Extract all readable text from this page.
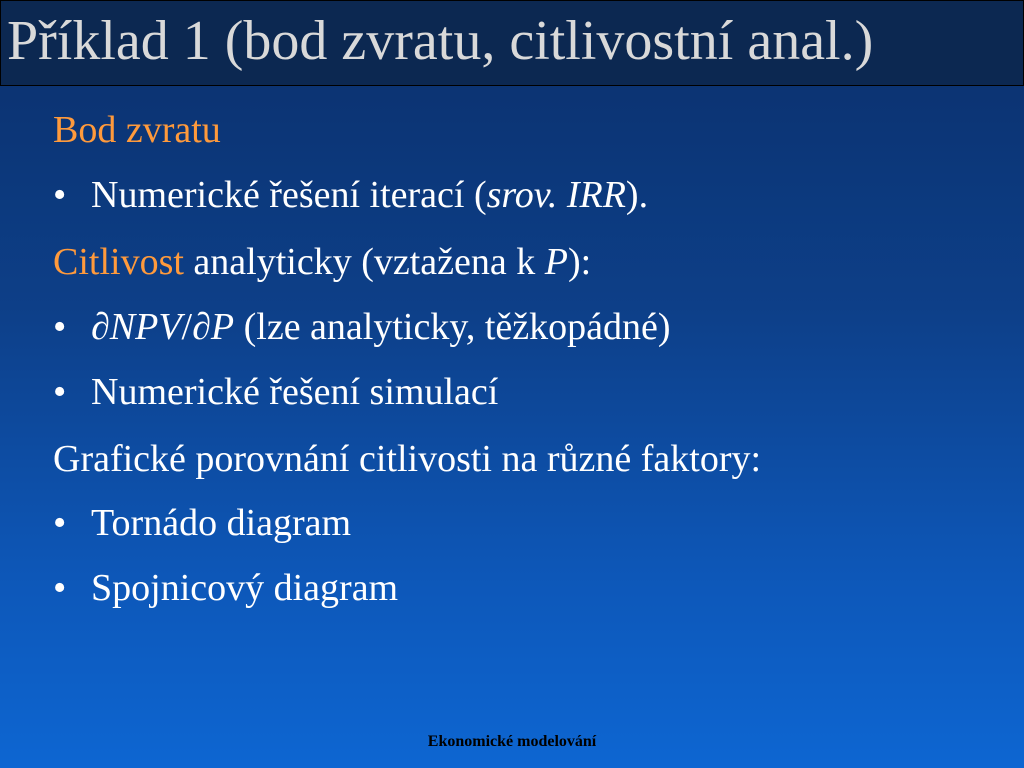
Příklad 1 (bod zvratu, citlivostní anal.)
Bod zvratu
• Numerické řešení iterací (srov. IRR).
Citlivost analyticky (vztažena k P):
• ∂NPV/∂P (lze analyticky, těžkopádné)
• Numerické řešení simulací
Grafické porovnání citlivosti na různé faktory:
• Tornádo diagram
• Spojnicový diagram
Ekonomické modelování
